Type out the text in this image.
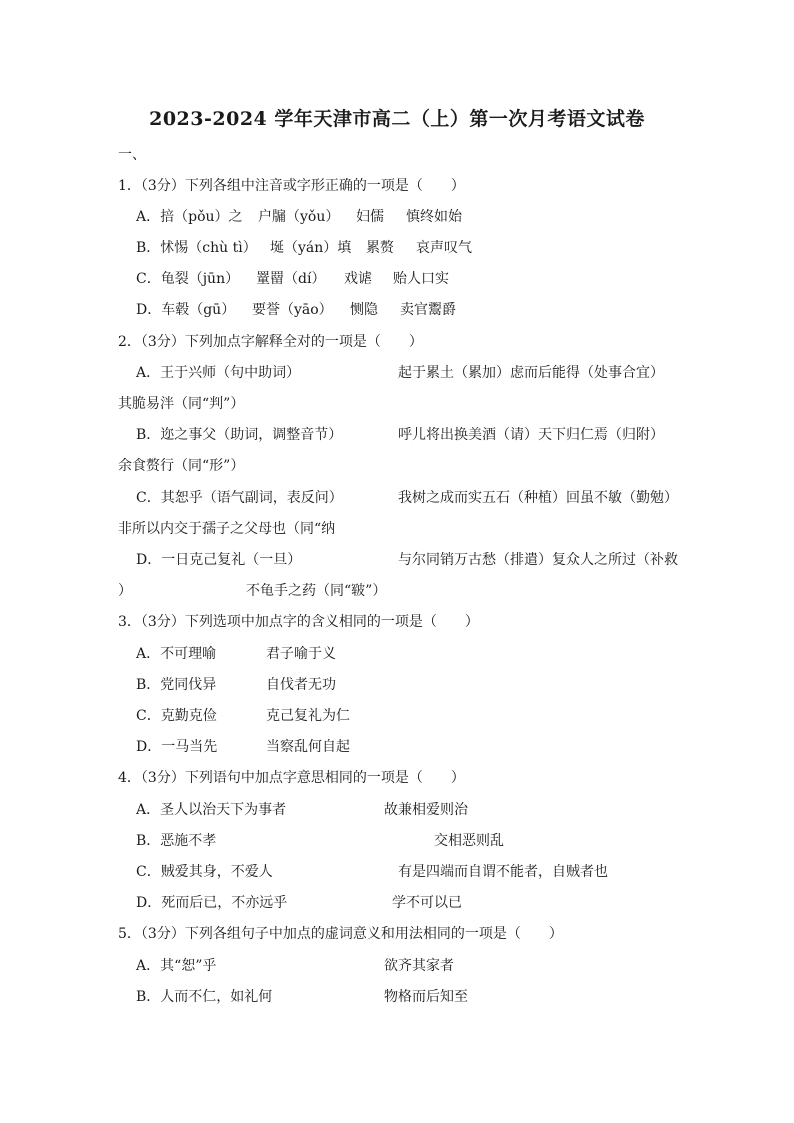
2023-2024 学年天津市高二（上）第一次月考语文试卷
一、
1．（3分）下列各组中注音或字形正确的一项是（　　）
A．掊（pǒu）之 户牖（yǒu） 妇儒 慎终如始
B．怵惕（chù tì） 埏（yán）填 累赘 哀声叹气
C．龟裂（jūn） 罿罶（dí） 戏谑 贻人口实
D．车毂（gū） 要誉（yāo） 恻隐 卖官鬻爵
2．（3分）下列加点字解释全对的一项是（　　）
A．王于兴师（句中助词）	起于累土（累加）虑而后能得（处事合宜）
其脆易泮（同“判”）
B．迩之事父（助词，调整音节）	呼儿将出换美酒（请）天下归仁焉（归附）
余食赘行（同“形”）
C．其恕乎（语气副词，表反问）	我树之成而实五石（种植）回虽不敏（勤勉）
非所以内交于孺子之父母也（同“纳
D．一日克己复礼（一旦）	与尔同销万古愁（排遣）复众人之所过（补救
）	不龟手之药（同“皲”）
3．（3分）下列选项中加点字的含义相同的一项是（　　）
A．不可理喻	君子喻于义
B．党同伐异	自伐者无功
C．克勤克俭	克己复礼为仁
D．一马当先	当察乱何自起
4．（3分）下列语句中加点字意思相同的一项是（　　）
A．圣人以治天下为事者	故兼相爱则治
B．恶施不孝	交相恶则乱
C．贼爱其身，不爱人	有是四端而自谓不能者，自贼者也
D．死而后已，不亦远乎	学不可以已
5．（3分）下列各组句子中加点的虚词意义和用法相同的一项是（　　）
A．其“恕”乎	欲齐其家者
B．人而不仁，如礼何	物格而后知至
